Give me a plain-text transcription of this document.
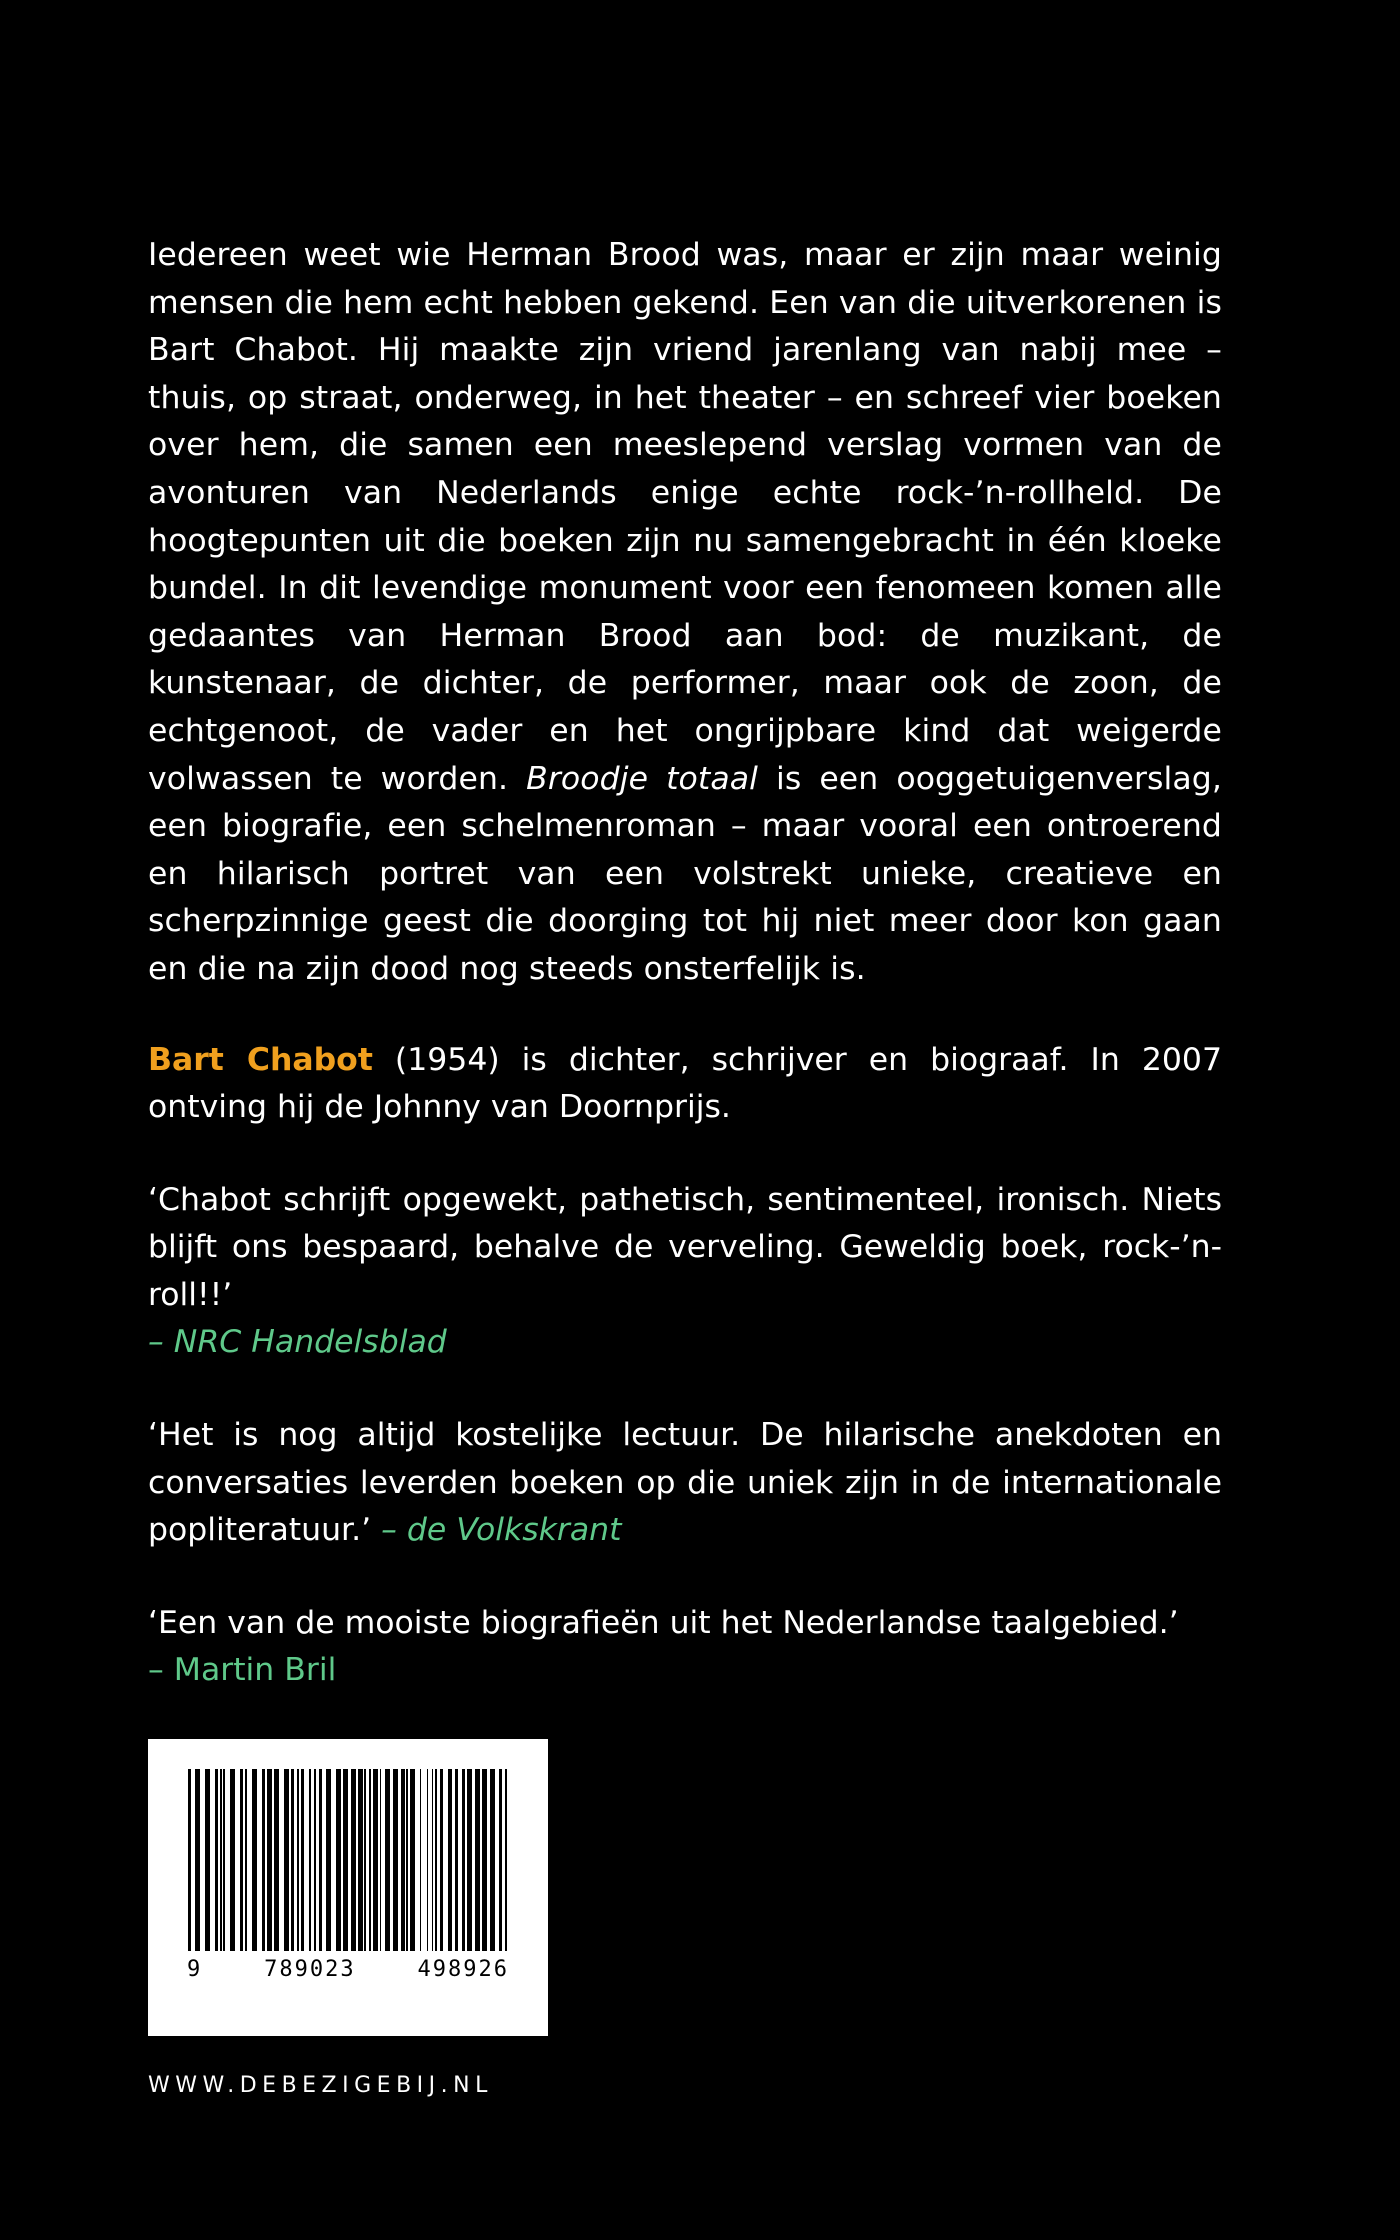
Iedereen weet wie Herman Brood was, maar er zijn maar weinig mensen die hem echt hebben gekend. Een van die uitverkorenen is Bart Chabot. Hij maakte zijn vriend jarenlang van nabij mee – thuis, op straat, onderweg, in het theater – en schreef vier boeken over hem, die samen een meeslepend verslag vormen van de avonturen van Nederlands enige echte rock-’n-rollheld. De hoogtepunten uit die boeken zijn nu samengebracht in één kloeke bundel. In dit levendige monument voor een fenomeen komen alle gedaantes van Herman Brood aan bod: de muzikant, de kunstenaar, de dichter, de performer, maar ook de zoon, de echtgenoot, de vader en het ongrijpbare kind dat weigerde volwassen te worden. Broodje totaal is een ooggetuigenverslag, een biografie, een schelmenroman – maar vooral een ontroerend en hilarisch portret van een volstrekt unieke, creatieve en scherpzinnige geest die doorging tot hij niet meer door kon gaan en die na zijn dood nog steeds onsterfelijk is.

Bart Chabot (1954) is dichter, schrijver en biograaf. In 2007 ontving hij de Johnny van Doornprijs.

‘Chabot schrijft opgewekt, pathetisch, sentimenteel, ironisch. Niets blijft ons bespaard, behalve de verveling. Geweldig boek, rock-’n-roll!!’
– NRC Handelsblad

‘Het is nog altijd kostelijke lectuur. De hilarische anekdoten en conversaties leverden boeken op die uniek zijn in de internationale popliteratuur.’ – de Volkskrant

‘Een van de mooiste biografieën uit het Nederlandse taalgebied.’
– Martin Bril

9	789023	498926
WWW.DEBEZIGEBIJ.NL
